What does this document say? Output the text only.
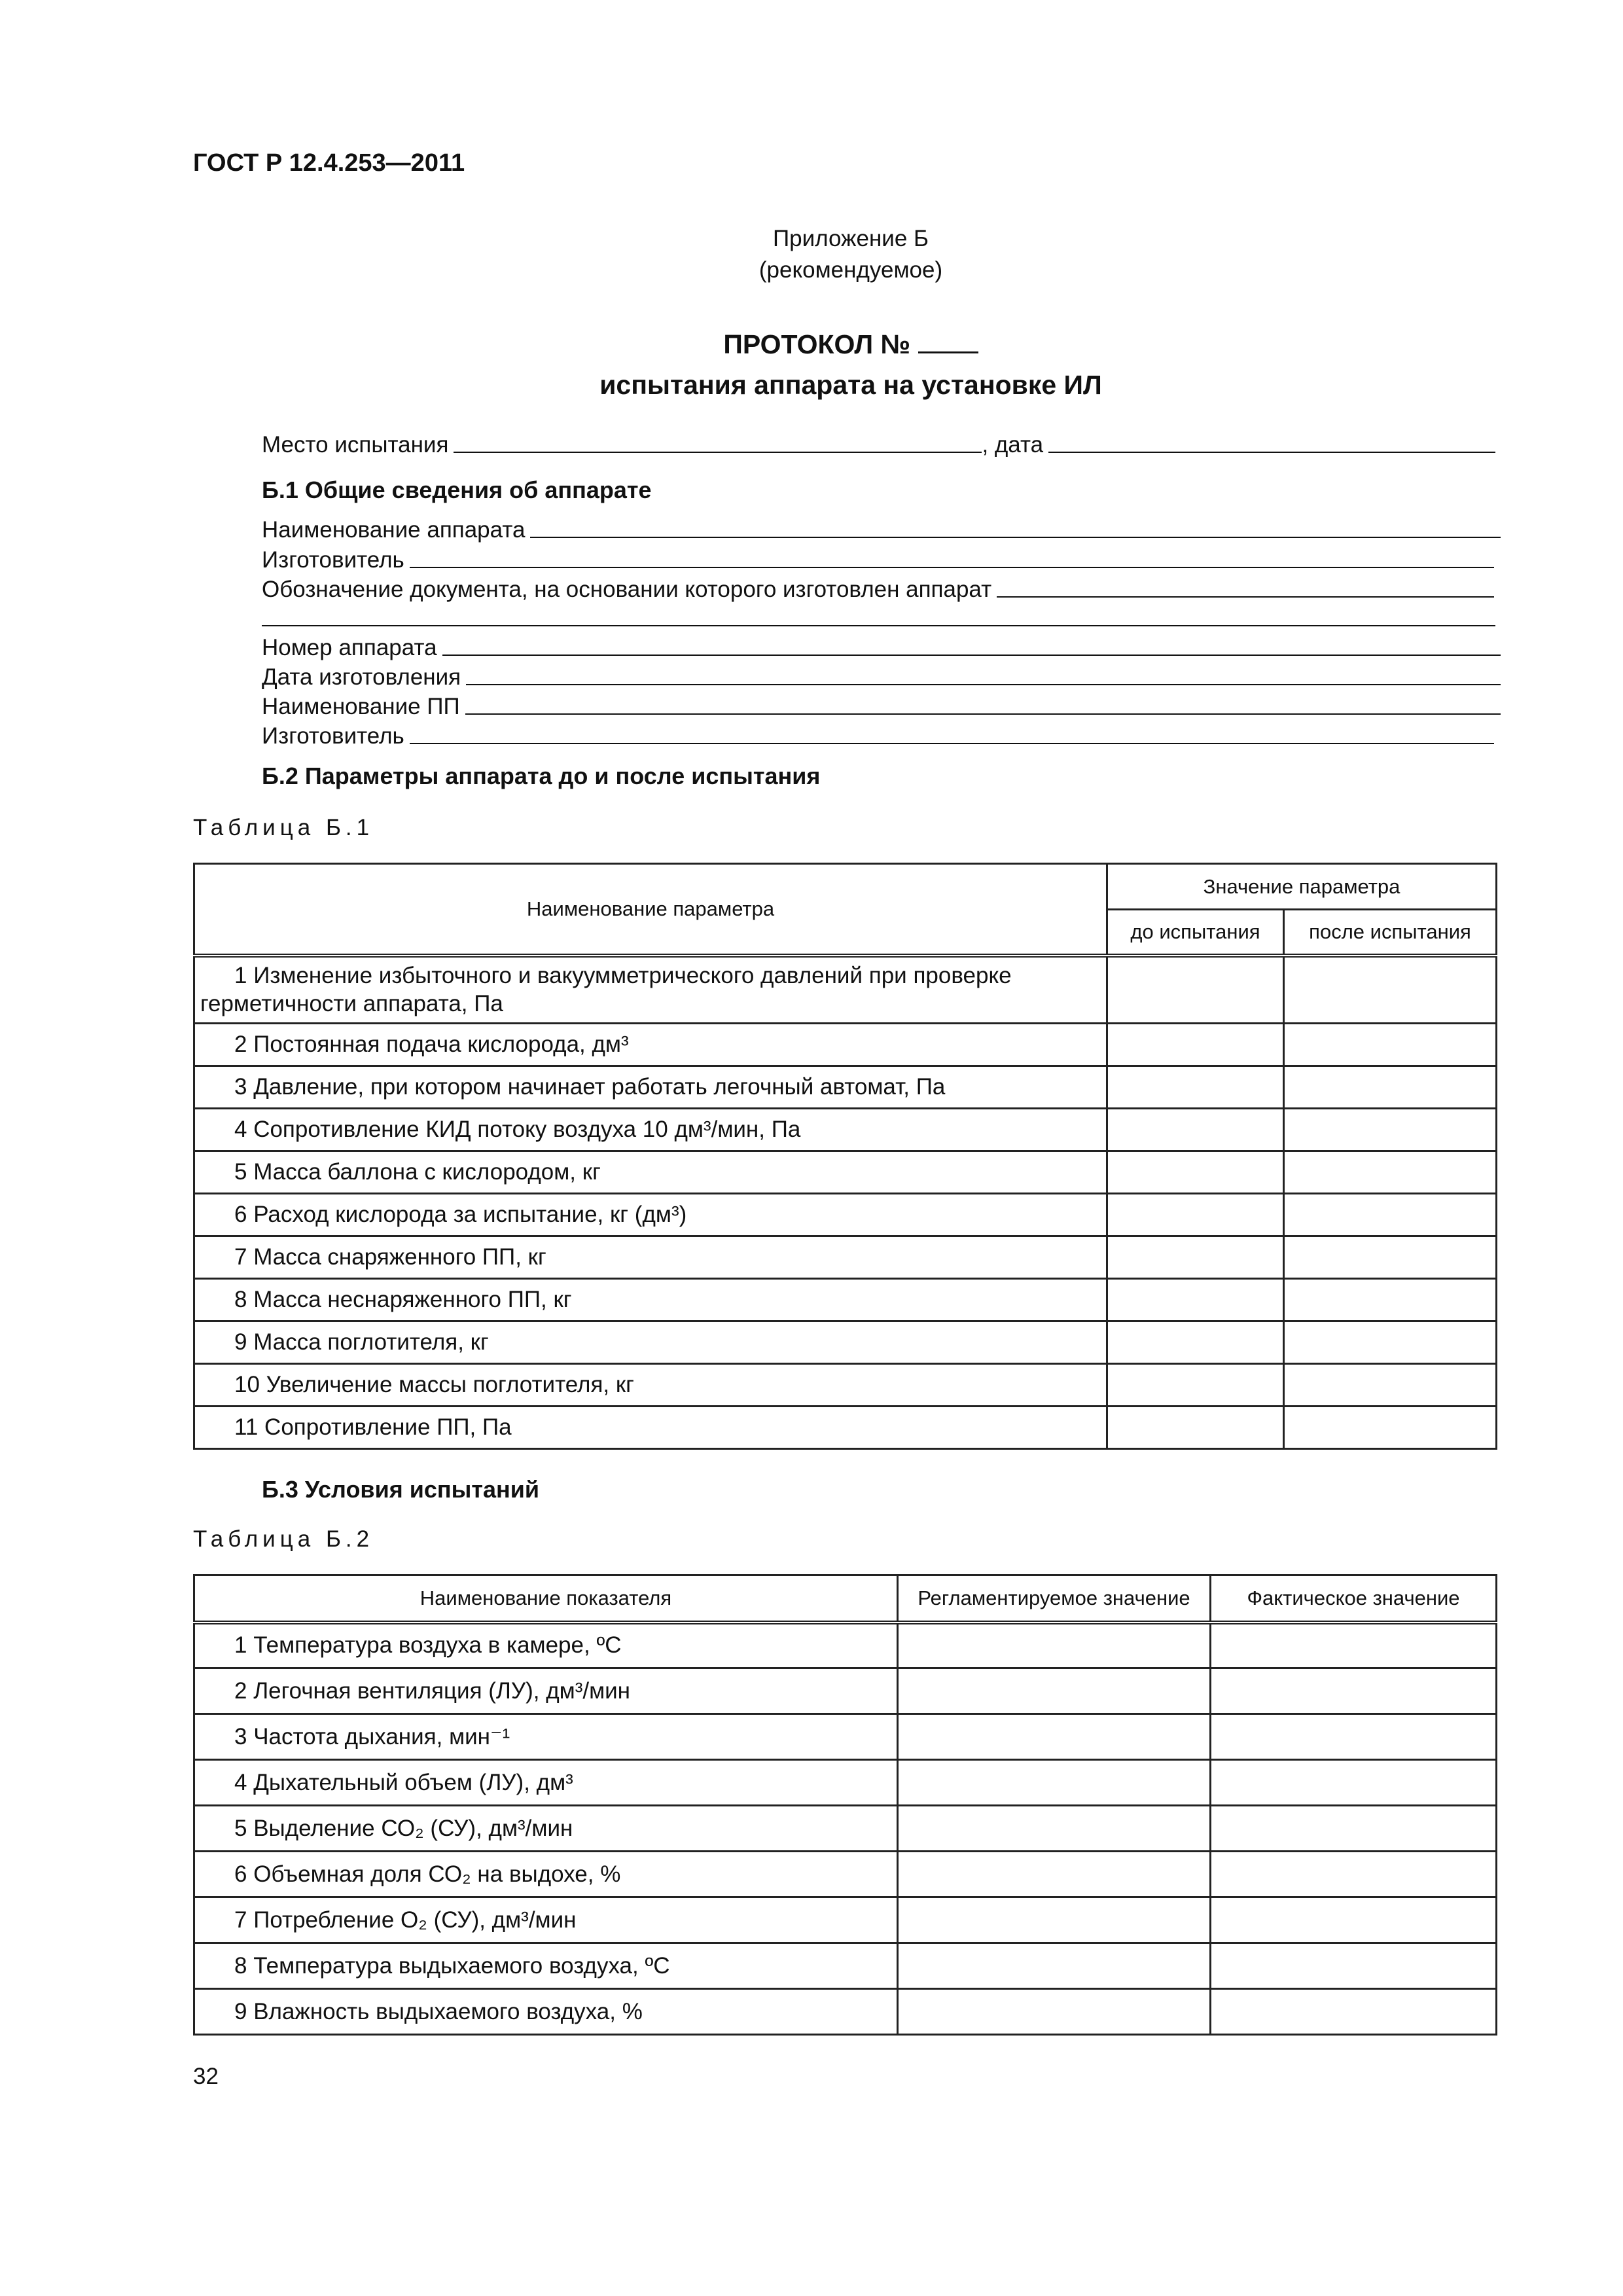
ГОСТ Р 12.4.253—2011
Приложение Б
(рекомендуемое)
ПРОТОКОЛ №
испытания аппарата на установке ИЛ
Место испытания	, дата
Б.1 Общие сведения об аппарате
Наименование аппарата
Изготовитель
Обозначение документа, на основании которого изготовлен аппарат
Номер аппарата
Дата изготовления
Наименование ПП
Изготовитель
Б.2 Параметры аппарата до и после испытания
Таблица Б.1
Наименование параметра	Значение параметра	
	до испытания	после испытания
1 Изменение избыточного и вакуумметрического давлений при проверке герметичности аппарата, Па		
2 Постоянная подача кислорода, дм³		
3 Давление, при котором начинает работать легочный автомат, Па		
4 Сопротивление КИД потоку воздуха 10 дм³/мин, Па		
5 Масса баллона с кислородом, кг		
6 Расход кислорода за испытание, кг (дм³)		
7 Масса снаряженного ПП, кг		
8 Масса неснаряженного ПП, кг		
9 Масса поглотителя, кг		
10 Увеличение массы поглотителя, кг		
11 Сопротивление ПП, Па		
Б.3 Условия испытаний
Таблица Б.2
Наименование показателя	Регламентируемое значение	Фактическое значение
1 Температура воздуха в камере, ºС		
2 Легочная вентиляция (ЛУ), дм³/мин		
3 Частота дыхания, мин⁻¹		
4 Дыхательный объем (ЛУ), дм³		
5 Выделение СО₂ (СУ), дм³/мин		
6 Объемная доля СО₂ на выдохе, %		
7 Потребление О₂ (СУ), дм³/мин		
8 Температура выдыхаемого воздуха, ºС		
9 Влажность выдыхаемого воздуха, %		
32
